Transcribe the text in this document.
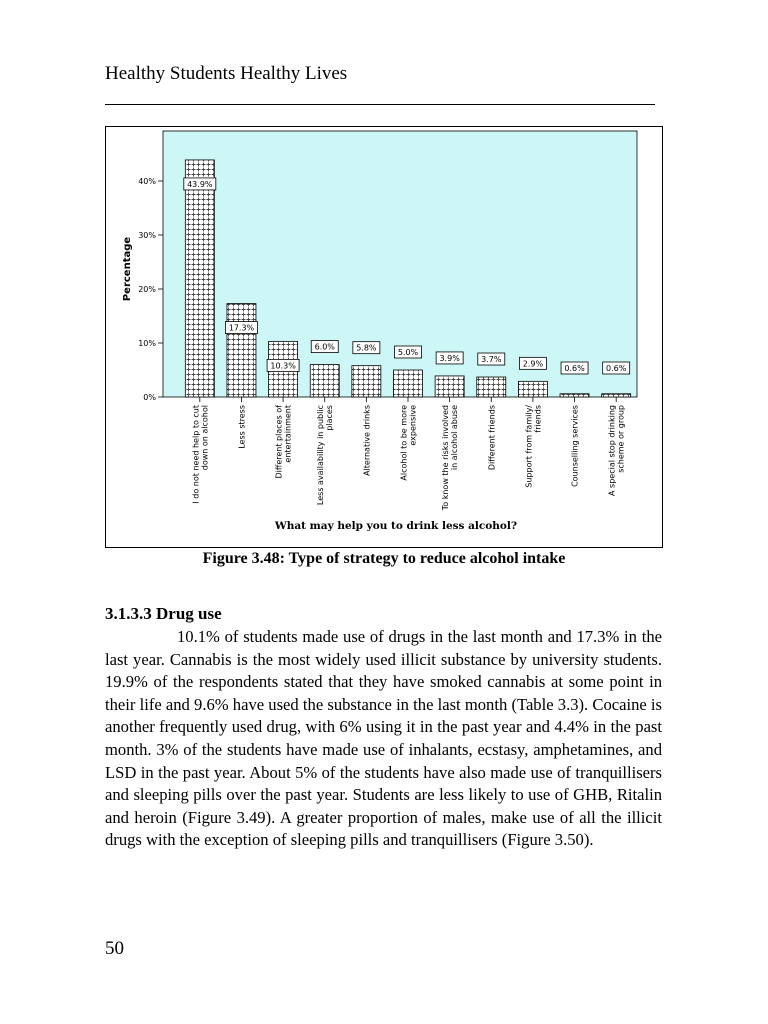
Healthy Students Healthy Lives
0%
10%
20%
30%
40%	43.9%
17.3%
10.3%
6.0%	5.8%	5.0%
3.9%	3.7%	2.9%
0.6%	0.6%
I do not need help to cut down on alcohol	Less stress	Different places of entertainment	Less availability in public places	Alternative drinks	Alcohol to be more expensive	To know the risks involved in alcohol abuse	Different friends	Support from family/ friends	Counselling services	A special stop drinking scheme or group
Percentage
What may help you to drink less alcohol?
Figure 3.48: Type of strategy to reduce alcohol intake
3.1.3.3 Drug use
10.1% of students made use of drugs in the last month and 17.3% in the last year. Cannabis is the most widely used illicit substance by university students. 19.9% of the respondents stated that they have smoked cannabis at some point in their life and 9.6% have used the substance in the last month (Table 3.3). Cocaine is another frequently used drug, with 6% using it in the past year and 4.4% in the past month. 3% of the students have made use of inhalants, ecstasy, amphetamines, and LSD in the past year. About 5% of the students have also made use of tranquillisers and sleeping pills over the past year. Students are less likely to use of GHB, Ritalin and heroin (Figure 3.49). A greater proportion of males, make use of all the illicit drugs with the exception of sleeping pills and tranquillisers (Figure 3.50).
50
